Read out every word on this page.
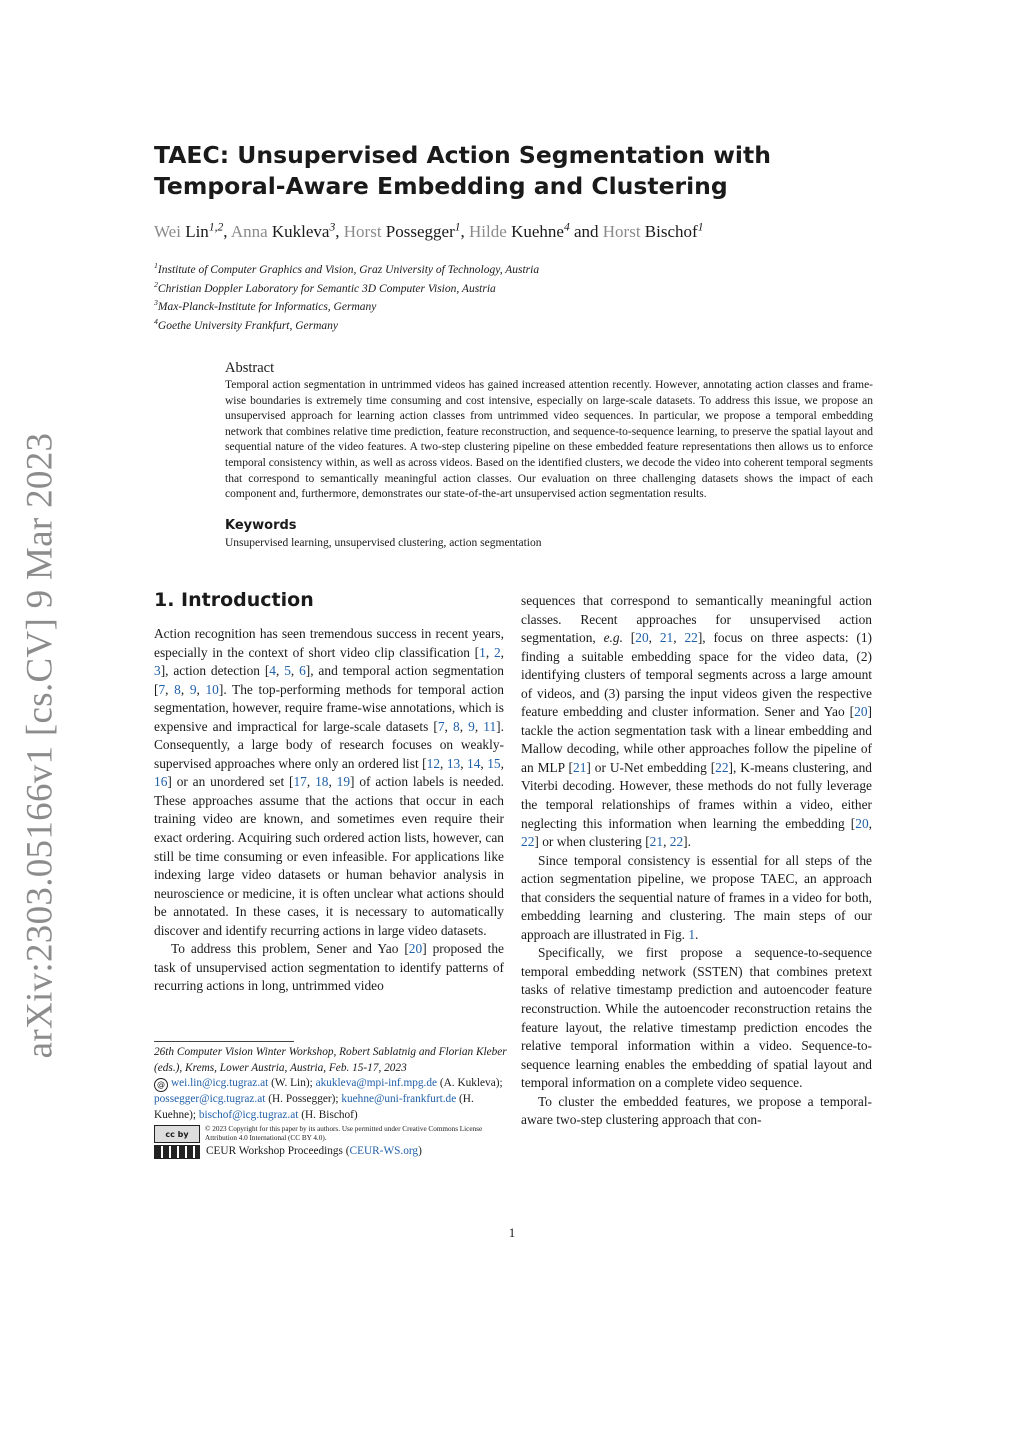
arXiv:2303.05166v1 [cs.CV] 9 Mar 2023
TAEC: Unsupervised Action Segmentation with Temporal-Aware Embedding and Clustering
Wei Lin$^{1,2}$, Anna Kukleva$^3$, Horst Possegger$^1$, Hilde Kuehne$^4$ and Horst Bischof$^1$
$^1$Institute of Computer Graphics and Vision, Graz University of Technology, Austria
$^2$Christian Doppler Laboratory for Semantic 3D Computer Vision, Austria
$^3$Max-Planck-Institute for Informatics, Germany
$^4$Goethe University Frankfurt, Germany
Abstract

Temporal action segmentation in untrimmed videos has gained increased attention recently. However, annotating action classes and frame-wise boundaries is extremely time consuming and cost intensive, especially on large-scale datasets. To address this issue, we propose an unsupervised approach for learning action classes from untrimmed video sequences. In particular, we propose a temporal embedding network that combines relative time prediction, feature reconstruction, and sequence-to-sequence learning, to preserve the spatial layout and sequential nature of the video features. A two-step clustering pipeline on these embedded feature representations then allows us to enforce temporal consistency within, as well as across videos. Based on the identified clusters, we decode the video into coherent temporal segments that correspond to semantically meaningful action classes. Our evaluation on three challenging datasets shows the impact of each component and, furthermore, demonstrates our state-of-the-art unsupervised action segmentation results.

Keywords

Unsupervised learning, unsupervised clustering, action segmentation

1. Introduction

Action recognition has seen tremendous success in recent years, especially in the context of short video clip classification [1, 2, 3], action detection [4, 5, 6], and temporal action segmentation [7, 8, 9, 10]. The top-performing methods for temporal action segmentation, however, require frame-wise annotations, which is expensive and impractical for large-scale datasets [7, 8, 9, 11]. Consequently, a large body of research focuses on weakly-supervised approaches where only an ordered list [12, 13, 14, 15, 16] or an unordered set [17, 18, 19] of action labels is needed. These approaches assume that the actions that occur in each training video are known, and sometimes even require their exact ordering. Acquiring such ordered action lists, however, can still be time consuming or even infeasible. For applications like indexing large video datasets or human behavior analysis in neuroscience or medicine, it is often unclear what actions should be annotated. In these cases, it is necessary to automatically discover and identify recurring actions in large video datasets.

To address this problem, Sener and Yao [20] proposed the task of unsupervised action segmentation to identify patterns of recurring actions in long, untrimmed video

sequences that correspond to semantically meaningful action classes. Recent approaches for unsupervised action segmentation, e.g. [20, 21, 22], focus on three aspects: (1) finding a suitable embedding space for the video data, (2) identifying clusters of temporal segments across a large amount of videos, and (3) parsing the input videos given the respective feature embedding and cluster information. Sener and Yao [20] tackle the action segmentation task with a linear embedding and Mallow decoding, while other approaches follow the pipeline of an MLP [21] or U-Net embedding [22], K-means clustering, and Viterbi decoding. However, these methods do not fully leverage the temporal relationships of frames within a video, either neglecting this information when learning the embedding [20, 22] or when clustering [21, 22].

Since temporal consistency is essential for all steps of the action segmentation pipeline, we propose TAEC, an approach that considers the sequential nature of frames in a video for both, embedding learning and clustering. The main steps of our approach are illustrated in Fig. 1.

Specifically, we first propose a sequence-to-sequence temporal embedding network (SSTEN) that combines pretext tasks of relative timestamp prediction and autoencoder feature reconstruction. While the autoencoder reconstruction retains the feature layout, the relative timestamp prediction encodes the relative temporal information within a video. Sequence-to-sequence learning enables the embedding of spatial layout and temporal information on a complete video sequence.

To cluster the embedded features, we propose a temporal-aware two-step clustering approach that con-

26th Computer Vision Winter Workshop, Robert Sablatnig and Florian Kleber (eds.), Krems, Lower Austria, Austria, Feb. 15-17, 2023
@ wei.lin@icg.tugraz.at (W. Lin); akukleva@mpi-inf.mpg.de (A. Kukleva); possegger@icg.tugraz.at (H. Possegger); kuehne@uni-frankfurt.de (H. Kuehne); bischof@icg.tugraz.at (H. Bischof)
cc by
© 2023 Copyright for this paper by its authors. Use permitted under Creative Commons License Attribution 4.0 International (CC BY 4.0).
CEUR Workshop Proceedings (CEUR-WS.org)
1
